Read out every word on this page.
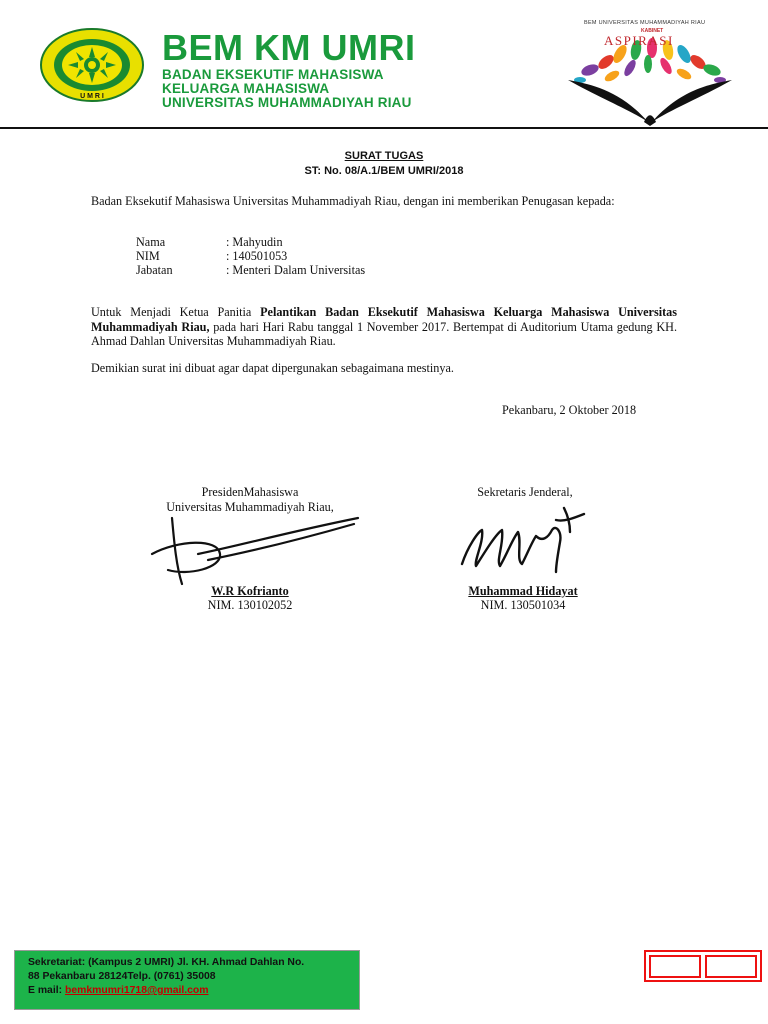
U M R I
BEM KM UMRI
BADAN EKSEKUTIF MAHASISWA
KELUARGA MAHASISWA
UNIVERSITAS MUHAMMADIYAH RIAU
BEM UNIVERSITAS MUHAMMADIYAH RIAU
KABINET
ASPIRASI
SURAT TUGAS
ST: No. 08/A.1/BEM UMRI/2018
Badan Eksekutif Mahasiswa Universitas Muhammadiyah Riau, dengan ini memberikan Penugasan kepada:
Nama	: Mahyudin
NIM	: 140501053
Jabatan	: Menteri Dalam Universitas
Untuk Menjadi Ketua Panitia Pelantikan Badan Eksekutif Mahasiswa Keluarga Mahasiswa Universitas Muhammadiyah Riau, pada hari Hari Rabu tanggal 1 November 2017. Bertempat di Auditorium Utama gedung KH. Ahmad Dahlan Universitas Muhammadiyah Riau.
Demikian surat ini dibuat agar dapat dipergunakan sebagaimana mestinya.
Pekanbaru, 2 Oktober 2018
PresidenMahasiswa
Universitas Muhammadiyah Riau,
Sekretaris Jenderal,
W.R Kofrianto
NIM. 130102052
Muhammad Hidayat
NIM. 130501034
Sekretariat: (Kampus 2 UMRI) Jl. KH. Ahmad Dahlan No.
88 Pekanbaru 28124Telp. (0761) 35008
E mail: bemkmumri1718@gmail.com
